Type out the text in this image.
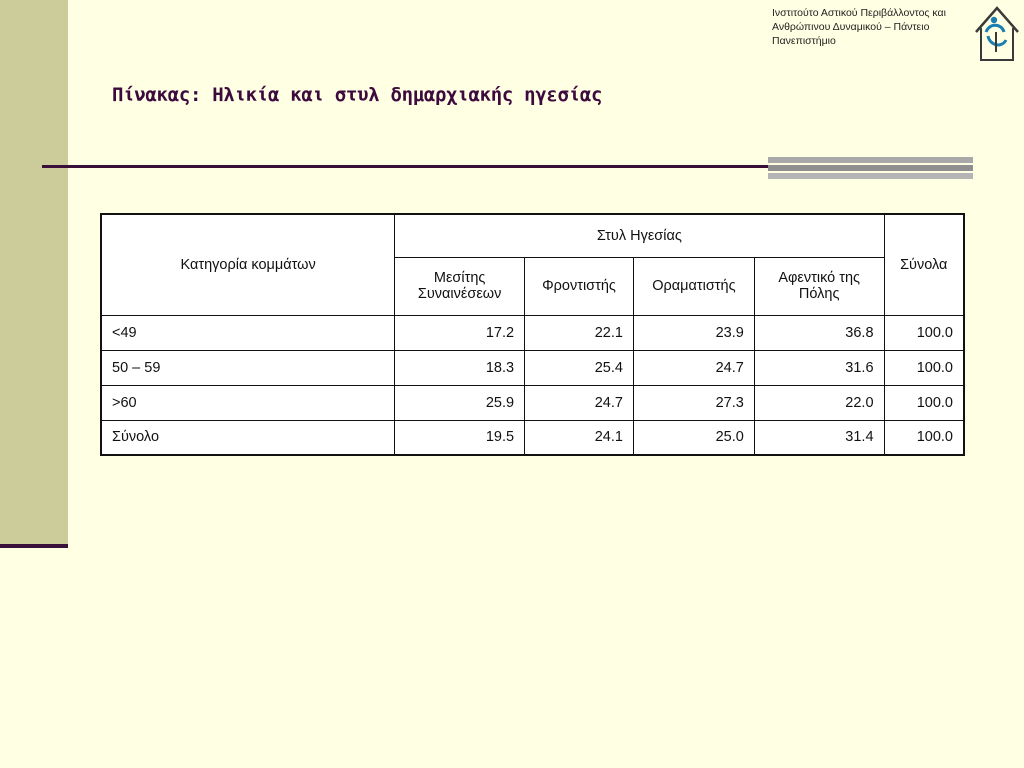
Ινστιτούτο Αστικού Περιβάλλοντος και Ανθρώπινου Δυναμικού – Πάντειο Πανεπιστήμιο
Πίνακας: Ηλικία και στυλ δημαρχιακής ηγεσίας
Κατηγορία κομμάτων	Στυλ Ηγεσίας				Σύνολα
	Μεσίτης Συναινέσεων	Φροντιστής	Οραματιστής	Αφεντικό της Πόλης	
<49	17.2	22.1	23.9	36.8	100.0
50 – 59	18.3	25.4	24.7	31.6	100.0
>60	25.9	24.7	27.3	22.0	100.0
Σύνολο	19.5	24.1	25.0	31.4	100.0
